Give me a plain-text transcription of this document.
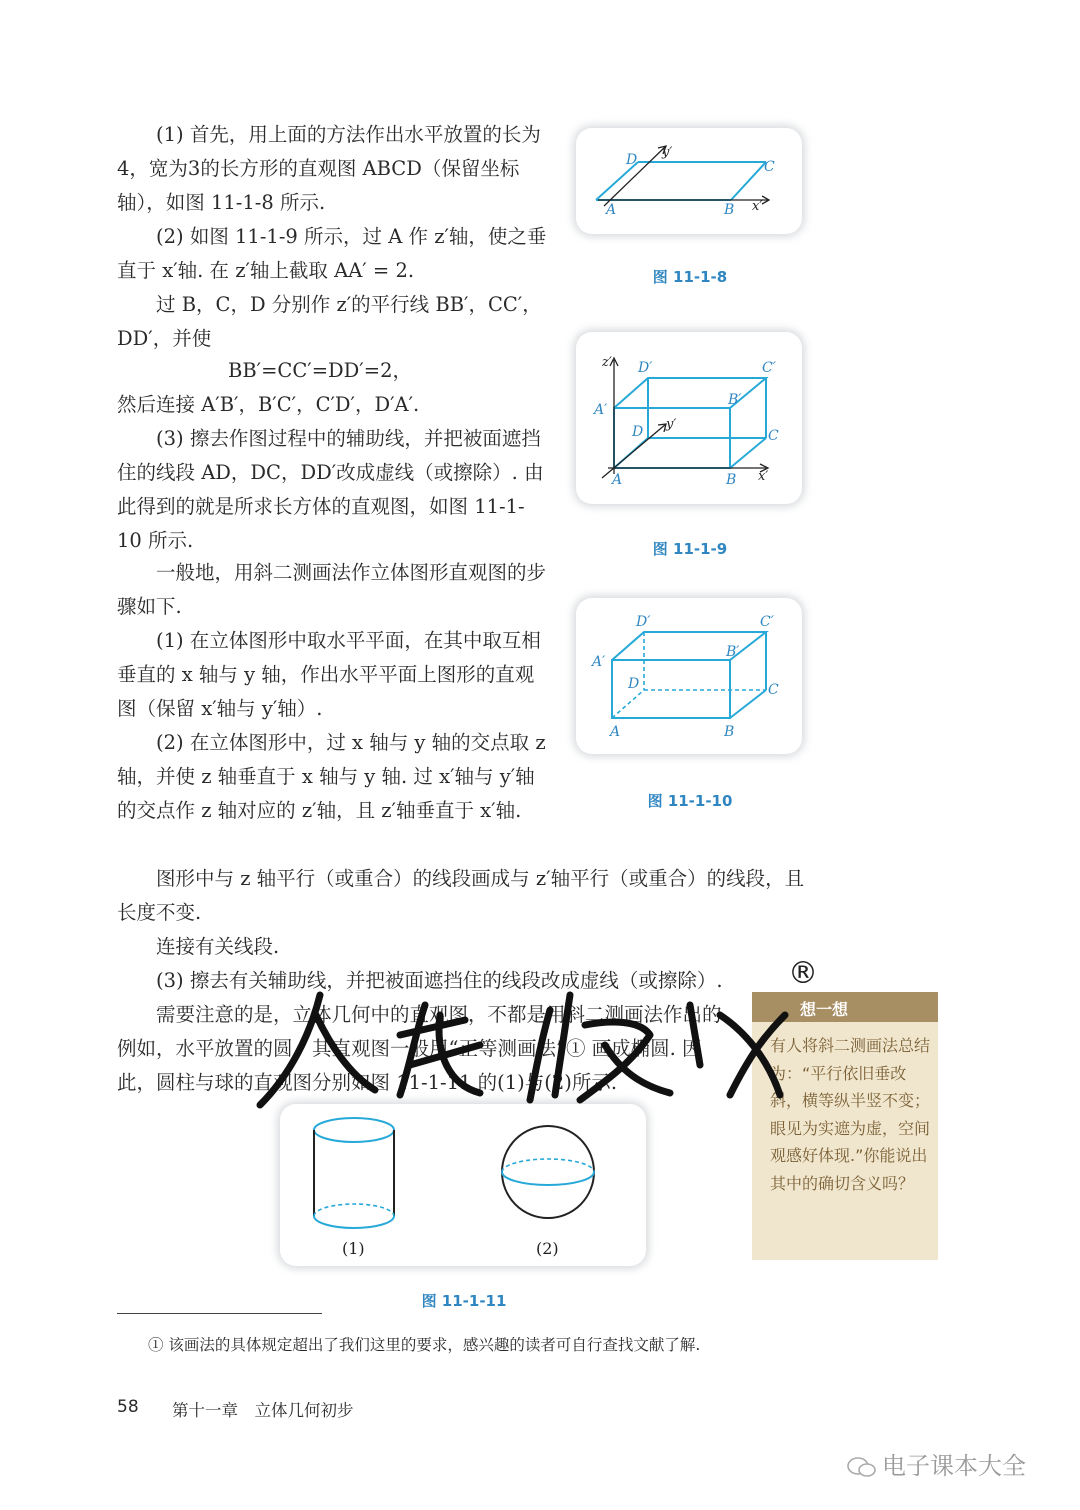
(1) 首先，用上面的方法作出水平放置的长为4，宽为3的长方形的直观图 ABCD（保留坐标轴），如图 11-1-8 所示.

(2) 如图 11-1-9 所示，过 A 作 z′轴，使之垂直于 x′轴. 在 z′轴上截取 AA′ = 2.

过 B，C，D 分别作 z′的平行线 BB′，CC′，DD′，并使

BB′=CC′=DD′=2，

然后连接 A′B′，B′C′，C′D′，D′A′.

(3) 擦去作图过程中的辅助线，并把被面遮挡住的线段 AD，DC，DD′改成虚线（或擦除）. 由此得到的就是所求长方体的直观图，如图 11-1-10 所示.

一般地，用斜二测画法作立体图形直观图的步骤如下.

(1) 在立体图形中取水平平面，在其中取互相垂直的 x 轴与 y 轴，作出水平平面上图形的直观图（保留 x′轴与 y′轴）.

(2) 在立体图形中，过 x 轴与 y 轴的交点取 z 轴，并使 z 轴垂直于 x 轴与 y 轴. 过 x′轴与 y′轴的交点作 z 轴对应的 z′轴，且 z′轴垂直于 x′轴.

图形中与 z 轴平行（或重合）的线段画成与 z′轴平行（或重合）的线段，且长度不变.

连接有关线段.

(3) 擦去有关辅助线，并把被面遮挡住的线段改成虚线（或擦除）.

需要注意的是，立体几何中的直观图，不都是用斜二测画法作出的. 例如，水平放置的圆，其直观图一般用“正等测画法”① 画成椭圆. 因此，圆柱与球的直观图分别如图 11-1-11 的(1)与(2)所示.

A	B
C
D
x′
y′
图 11-1-8
z′ D′	C′
A′
B′
D y′
C
A	B x′
图 11-1-9
D′	C′
A′
B′
D	C
A	B
图 11-1-10
(1)	(2)
图 11-1-11
想一想

有人将斜二测画法总结为：“平行依旧垂改斜，横等纵半竖不变；眼见为实遮为虚，空间观感好体现.”你能说出其中的确切含义吗？

®

① 该画法的具体规定超出了我们这里的要求，感兴趣的读者可自行查找文献了解.

58 第十一章　立体几何初步
电子课本大全
